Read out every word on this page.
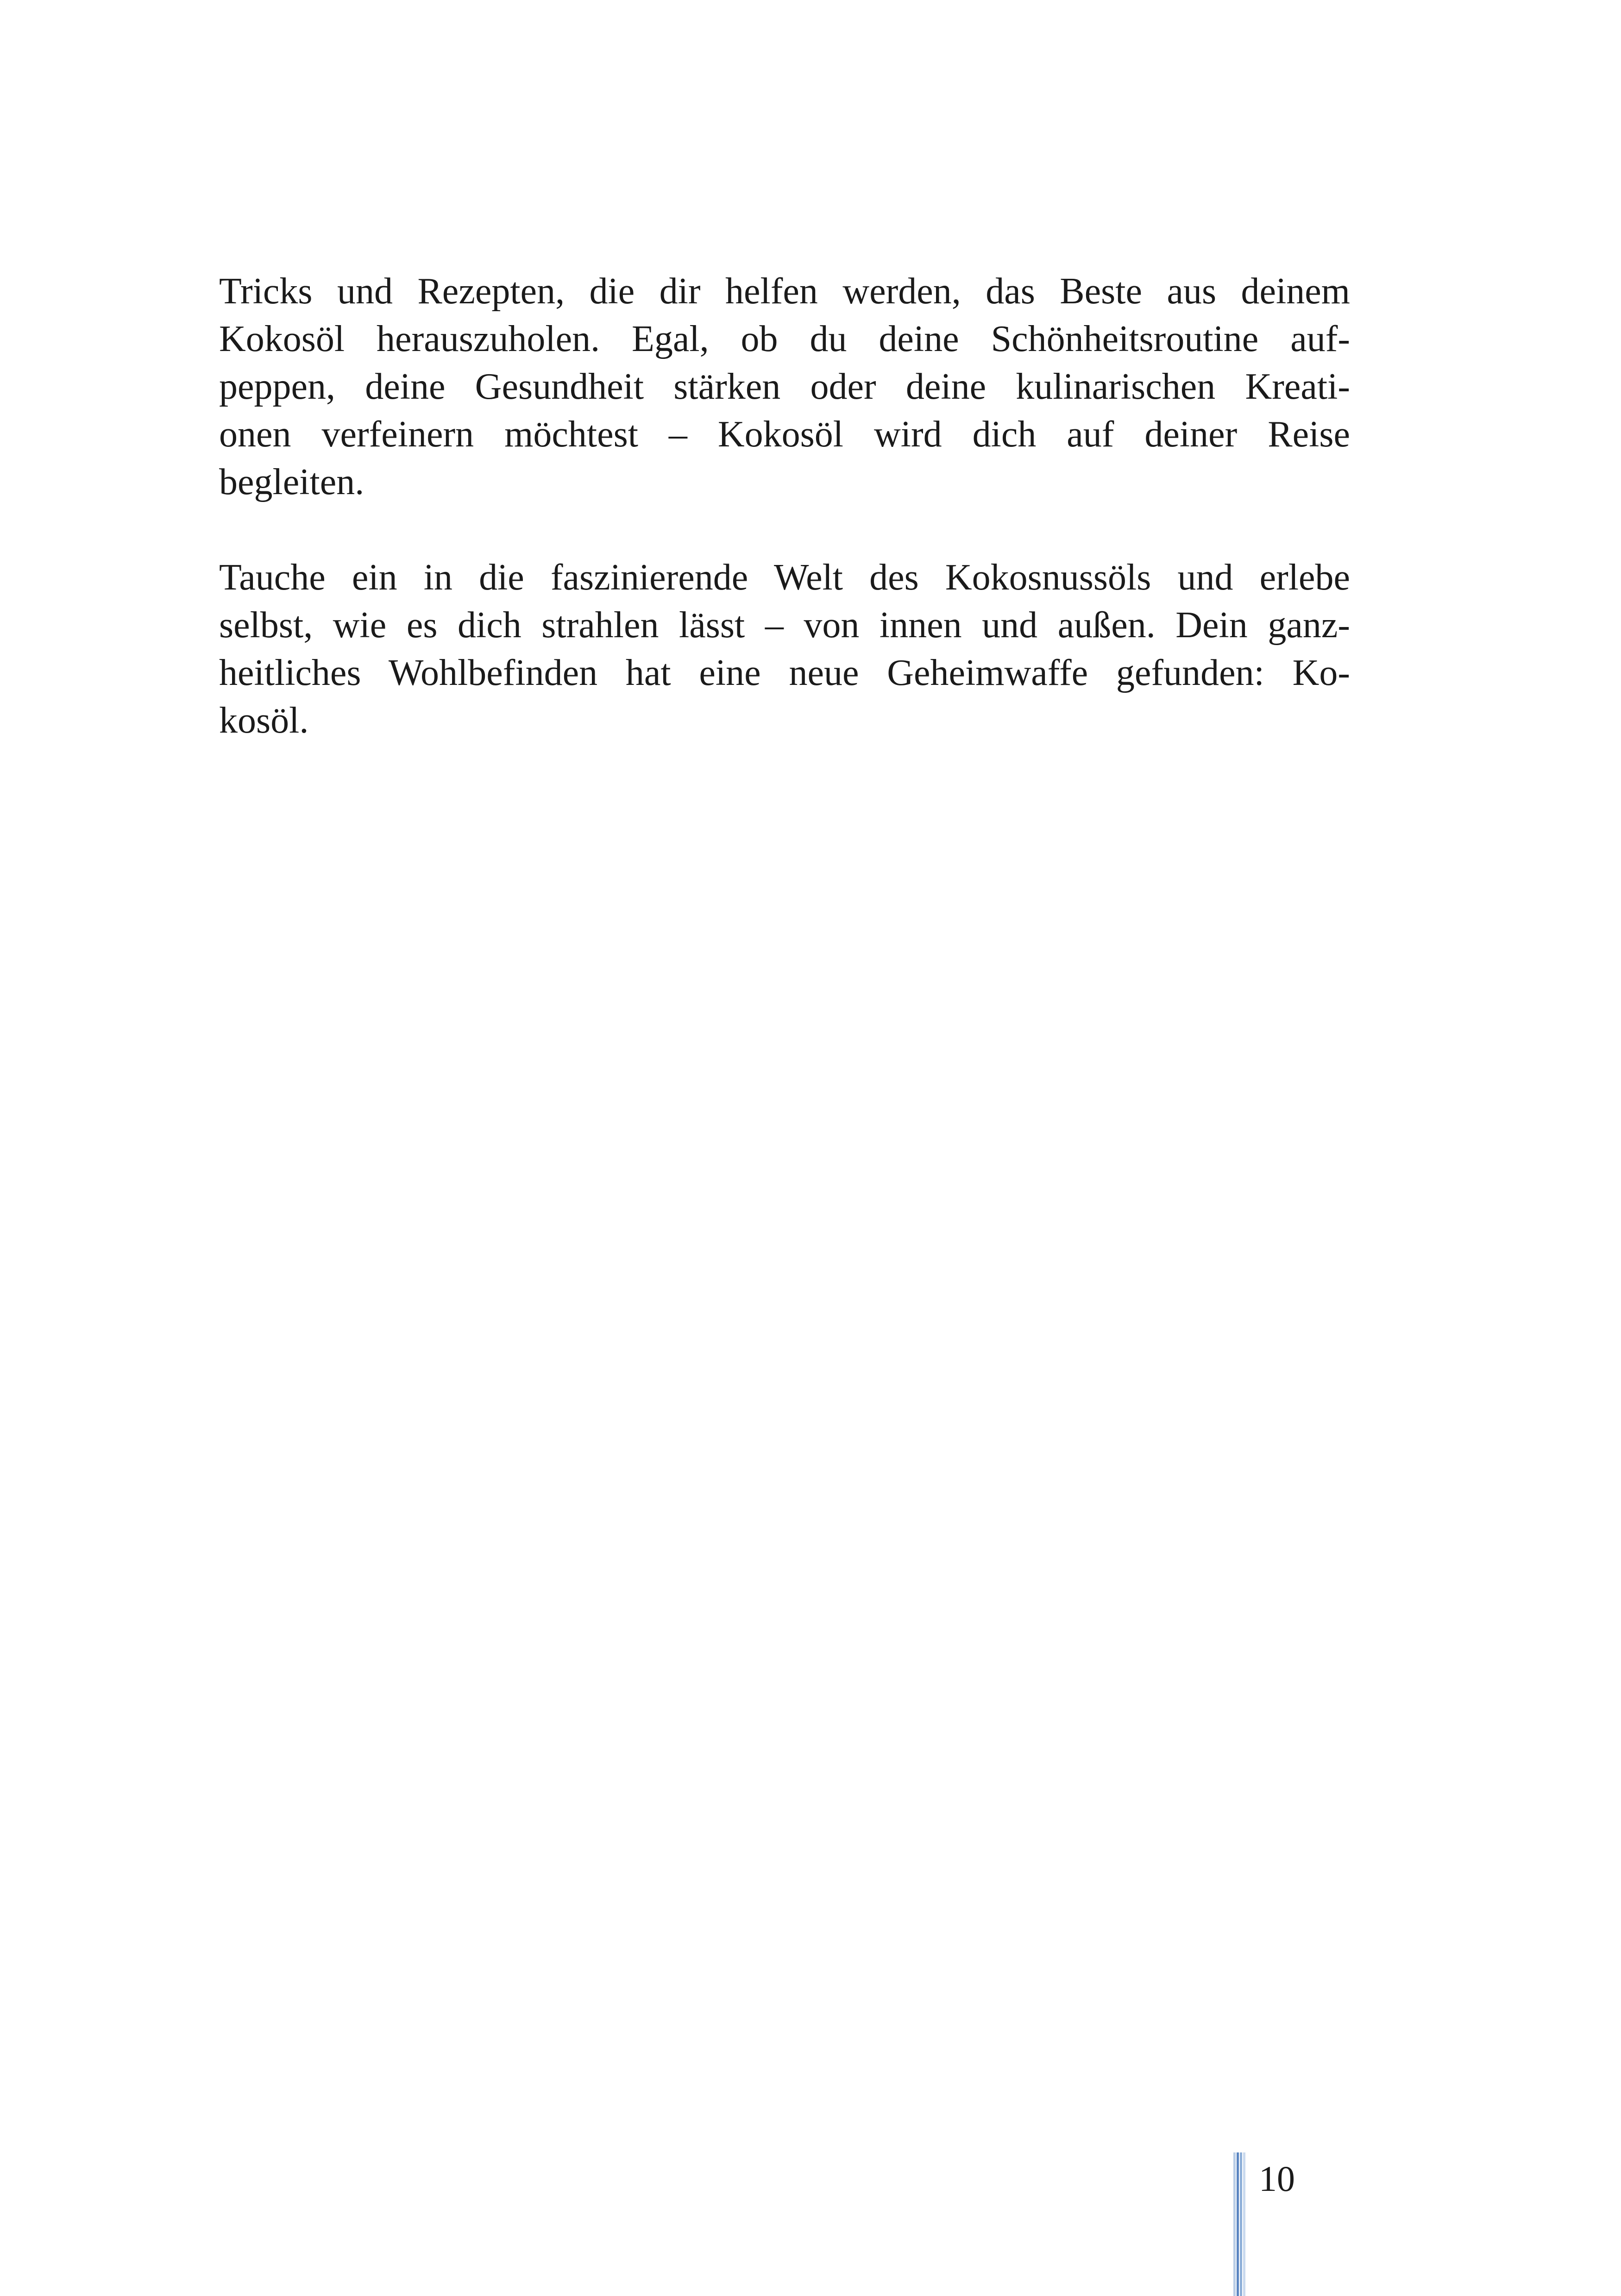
Tricks und Rezepten, die dir helfen werden, das Beste aus deinem
Kokosöl herauszuholen. Egal, ob du deine Schönheitsroutine auf-
peppen, deine Gesundheit stärken oder deine kulinarischen Kreati-
onen verfeinern möchtest – Kokosöl wird dich auf deiner Reise
begleiten.

Tauche ein in die faszinierende Welt des Kokosnussöls und erlebe
selbst, wie es dich strahlen lässt – von innen und außen. Dein ganz-
heitliches Wohlbefinden hat eine neue Geheimwaffe gefunden: Ko-
kosöl.

10
